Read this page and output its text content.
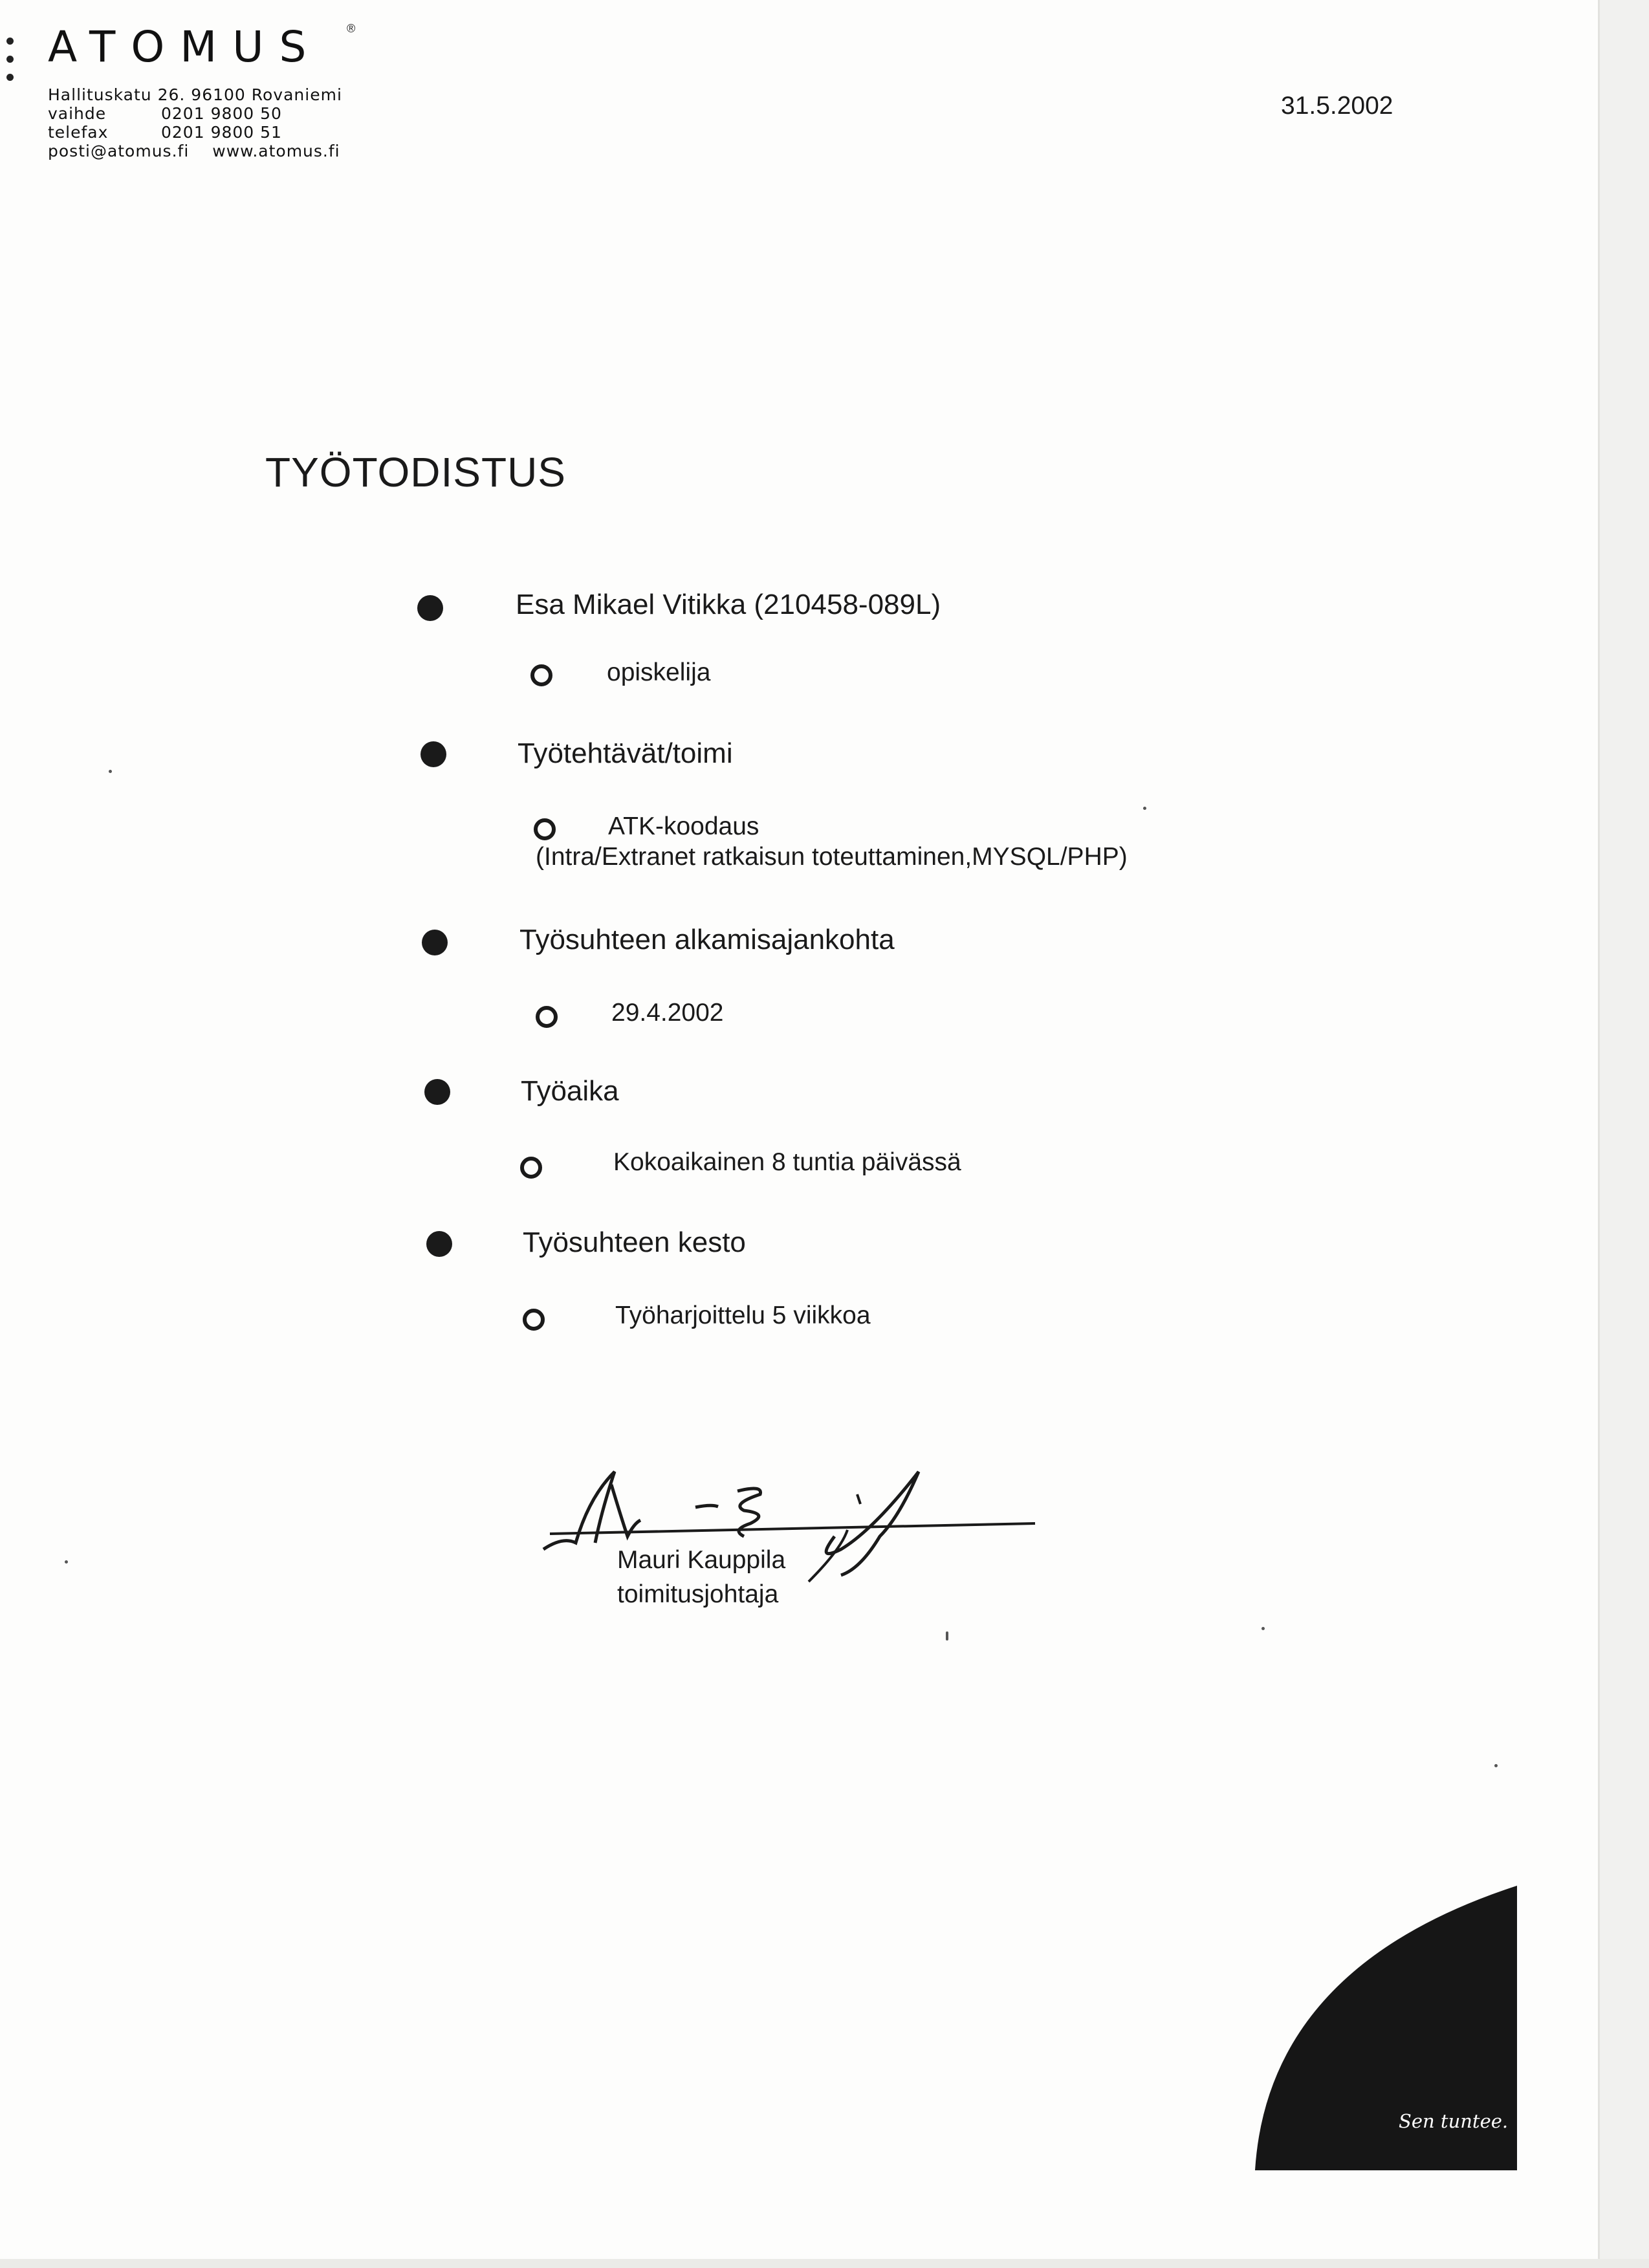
ATOMUS ®
Hallituskatu 26. 96100 Rovaniemi
vaihde	0201 9800 50
telefax	0201 9800 51
posti@atomus.fi www.atomus.fi
31.5.2002
TYÖTODISTUS
Esa Mikael Vitikka (210458-089L)
opiskelija
Työtehtävät/toimi
ATK-koodaus
(Intra/Extranet ratkaisun toteuttaminen,MYSQL/PHP)
Työsuhteen alkamisajankohta
29.4.2002
Työaika
Kokoaikainen 8 tuntia päivässä
Työsuhteen kesto
Työharjoittelu 5 viikkoa
Mauri Kauppila
toimitusjohtaja
Sen tuntee.
